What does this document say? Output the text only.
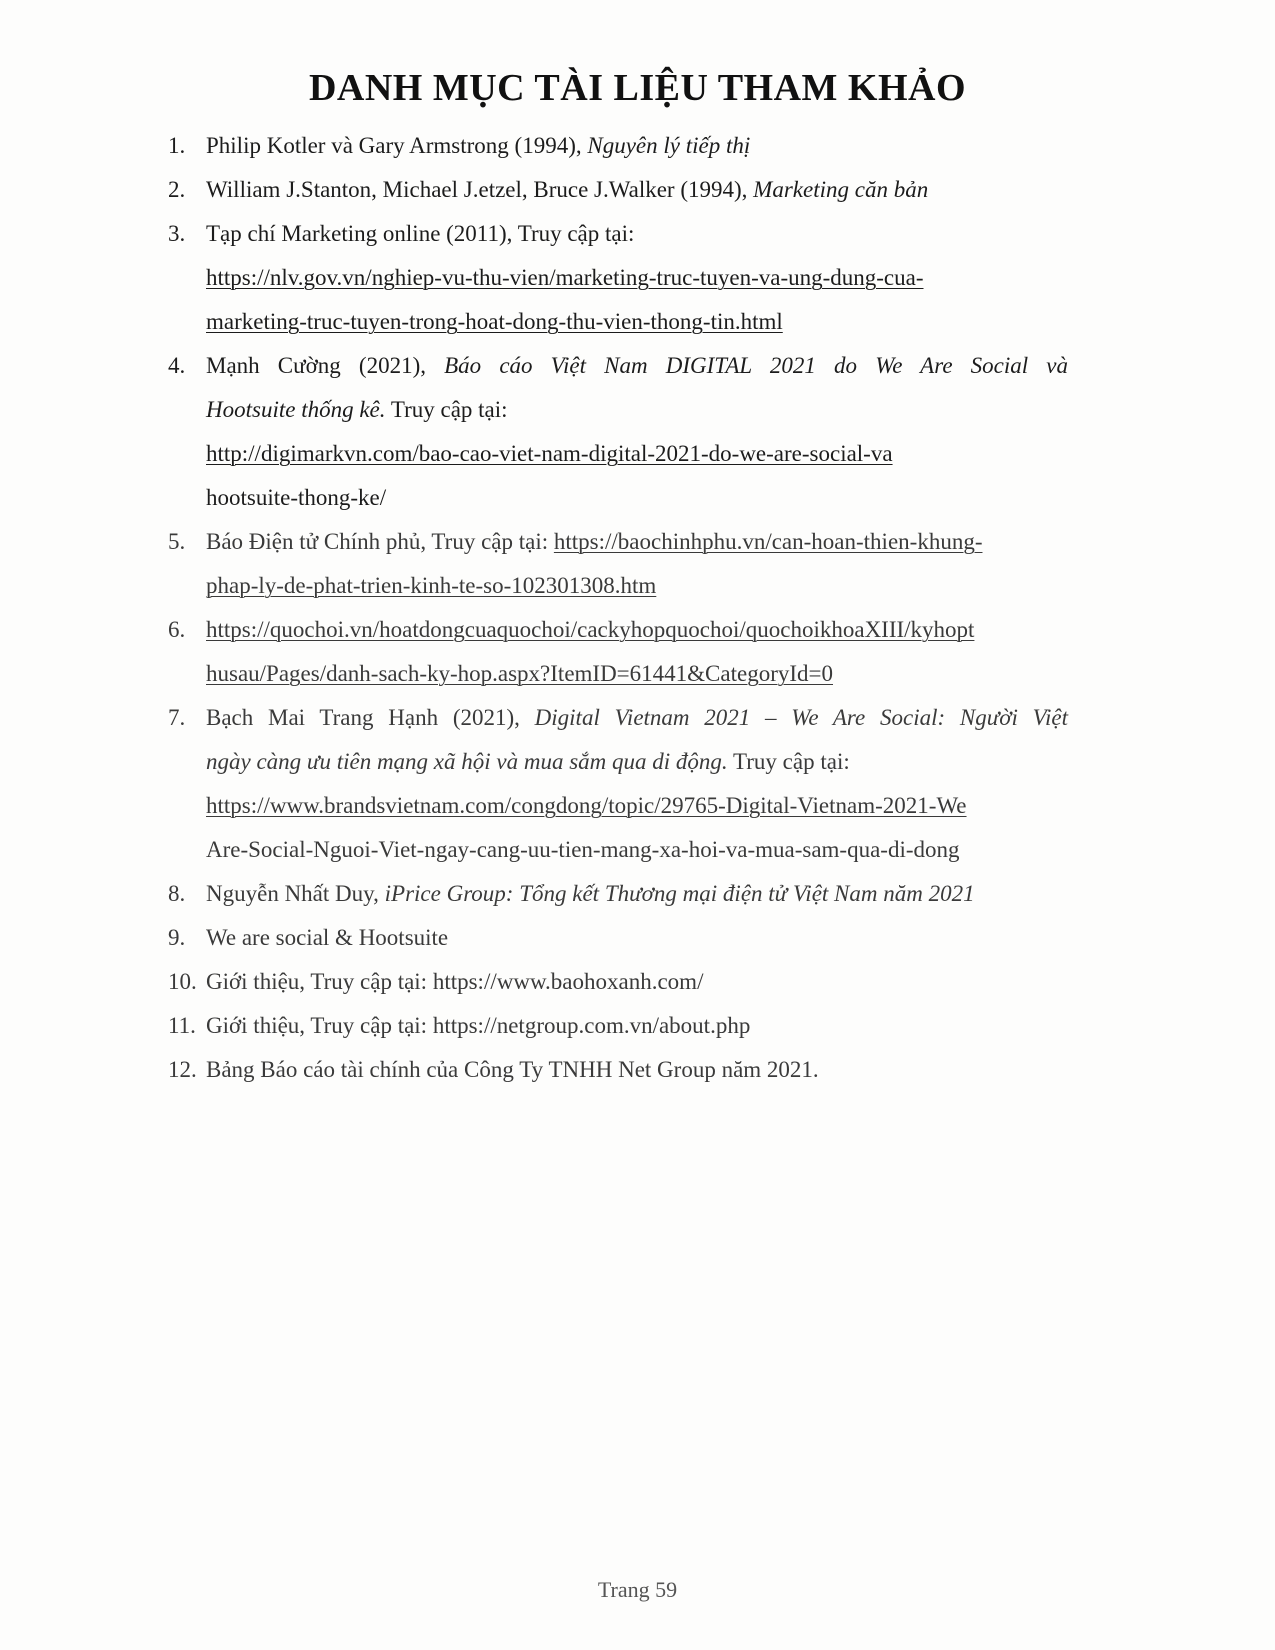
DANH MỤC TÀI LIỆU THAM KHẢO
1. Philip Kotler và Gary Armstrong (1994), Nguyên lý tiếp thị
2. William J.Stanton, Michael J.etzel, Bruce J.Walker (1994), Marketing căn bản
3. Tạp chí Marketing online (2011), Truy cập tại:
https://nlv.gov.vn/nghiep-vu-thu-vien/marketing-truc-tuyen-va-ung-dung-cua-
marketing-truc-tuyen-trong-hoat-dong-thu-vien-thong-tin.html
4. Mạnh Cường (2021), Báo cáo Việt Nam DIGITAL 2021 do We Are Social và
Hootsuite thống kê. Truy cập tại:
http://digimarkvn.com/bao-cao-viet-nam-digital-2021-do-we-are-social-va
hootsuite-thong-ke/
5. Báo Điện tử Chính phủ, Truy cập tại: https://baochinhphu.vn/can-hoan-thien-khung-
phap-ly-de-phat-trien-kinh-te-so-102301308.htm
6. https://quochoi.vn/hoatdongcuaquochoi/cackyhopquochoi/quochoikhoaXIII/kyhopt
husau/Pages/danh-sach-ky-hop.aspx?ItemID=61441&CategoryId=0
7. Bạch Mai Trang Hạnh (2021), Digital Vietnam 2021 – We Are Social: Người Việt
ngày càng ưu tiên mạng xã hội và mua sắm qua di động. Truy cập tại:
https://www.brandsvietnam.com/congdong/topic/29765-Digital-Vietnam-2021-We
Are-Social-Nguoi-Viet-ngay-cang-uu-tien-mang-xa-hoi-va-mua-sam-qua-di-dong
8. Nguyễn Nhất Duy, iPrice Group: Tổng kết Thương mại điện tử Việt Nam năm 2021
9. We are social & Hootsuite
10. Giới thiệu, Truy cập tại: https://www.baohoxanh.com/
11. Giới thiệu, Truy cập tại: https://netgroup.com.vn/about.php
12. Bảng Báo cáo tài chính của Công Ty TNHH Net Group năm 2021.
Trang 59
